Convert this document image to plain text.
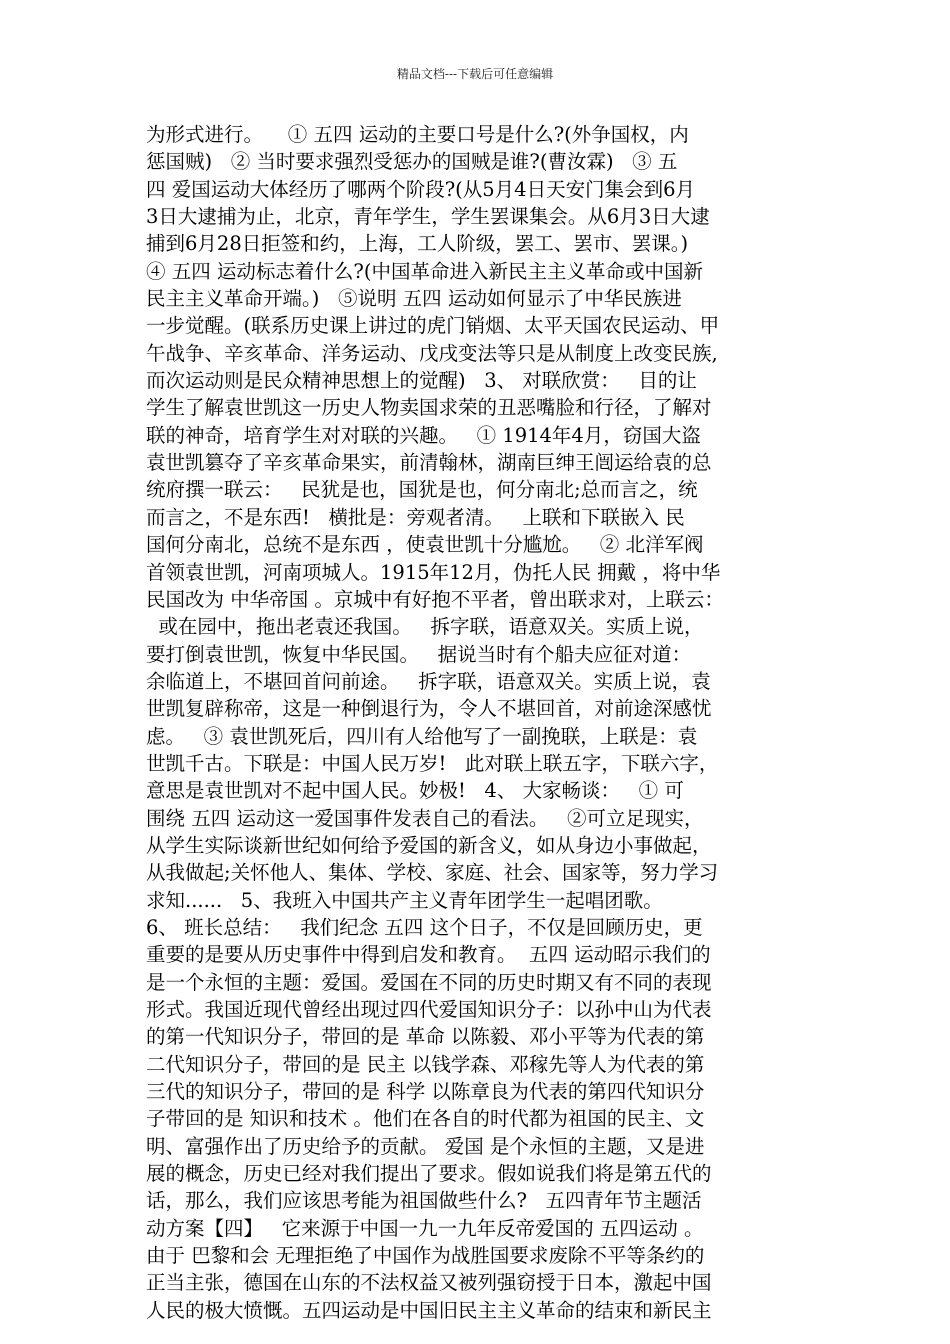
精品文档---下载后可任意编辑
为形式进行。    ① 五四 运动的主要口号是什么?(外争国权，内
惩国贼)   ② 当时要求强烈受惩办的国贼是谁?(曹汝霖)   ③ 五
四 爱国运动大体经历了哪两个阶段?(从5月4日天安门集会到6月
3日大逮捕为止，北京，青年学生，学生罢课集会。从6月3日大逮
捕到6月28日拒签和约，上海，工人阶级，罢工、罢市、罢课。)
④ 五四 运动标志着什么?(中国革命进入新民主主义革命或中国新
民主主义革命开端。)   ⑤说明 五四 运动如何显示了中华民族进
一步觉醒。(联系历史课上讲过的虎门销烟、太平天国农民运动、甲
午战争、辛亥革命、洋务运动、戊戌变法等只是从制度上改变民族,
而次运动则是民众精神思想上的觉醒)   3、 对联欣赏：   目的让
学生了解袁世凯这一历史人物卖国求荣的丑恶嘴脸和行径，了解对
联的神奇，培育学生对对联的兴趣。   ① 1914年4月，窃国大盗
袁世凯篡夺了辛亥革命果实，前清翰林，湖南巨绅王闿运给袁的总
统府撰一联云：   民犹是也，国犹是也，何分南北;总而言之，统
而言之，不是东西!   横批是：旁观者清。   上联和下联嵌入 民
国何分南北，总统不是东西 ，使袁世凯十分尴尬。   ② 北洋军阀
首领袁世凯，河南项城人。1915年12月，伪托人民 拥戴 ，将中华
民国改为 中华帝国 。京城中有好抱不平者，曾出联求对，上联云：
或在园中，拖出老袁还我国。   拆字联，语意双关。实质上说，
要打倒袁世凯，恢复中华民国。   据说当时有个船夫应征对道：
余临道上，不堪回首问前途。   拆字联，语意双关。实质上说，袁
世凯复辟称帝，这是一种倒退行为，令人不堪回首，对前途深感忧
虑。   ③ 袁世凯死后，四川有人给他写了一副挽联，上联是：袁
世凯千古。下联是：中国人民万岁!   此对联上联五字，下联六字，
意思是袁世凯对不起中国人民。妙极!   4、 大家畅谈：   ① 可
围绕 五四 运动这一爱国事件发表自己的看法。   ②可立足现实，
从学生实际谈新世纪如何给予爱国的新含义，如从身边小事做起，
从我做起;关怀他人、集体、学校、家庭、社会、国家等，努力学习
求知......   5、我班入中国共产主义青年团学生一起唱团歌。
6、 班长总结：   我们纪念 五四 这个日子，不仅是回顾历史，更
重要的是要从历史事件中得到启发和教育。  五四 运动昭示我们的
是一个永恒的主题：爱国。爱国在不同的历史时期又有不同的表现
形式。我国近现代曾经出现过四代爱国知识分子：以孙中山为代表
的第一代知识分子，带回的是 革命 以陈毅、邓小平等为代表的第
二代知识分子，带回的是 民主 以钱学森、邓稼先等人为代表的第
三代的知识分子，带回的是 科学 以陈章良为代表的第四代知识分
子带回的是 知识和技术 。他们在各自的时代都为祖国的民主、文
明、富强作出了历史给予的贡献。 爱国 是个永恒的主题，又是进
展的概念，历史已经对我们提出了要求。假如说我们将是第五代的
话，那么，我们应该思考能为祖国做些什么?   五四青年节主题活
动方案【四】   它来源于中国一九一九年反帝爱国的 五四运动 。
由于 巴黎和会 无理拒绝了中国作为战胜国要求废除不平等条约的
正当主张，德国在山东的不法权益又被列强窃授于日本，激起中国
人民的极大愤慨。五四运动是中国旧民主主义革命的结束和新民主
